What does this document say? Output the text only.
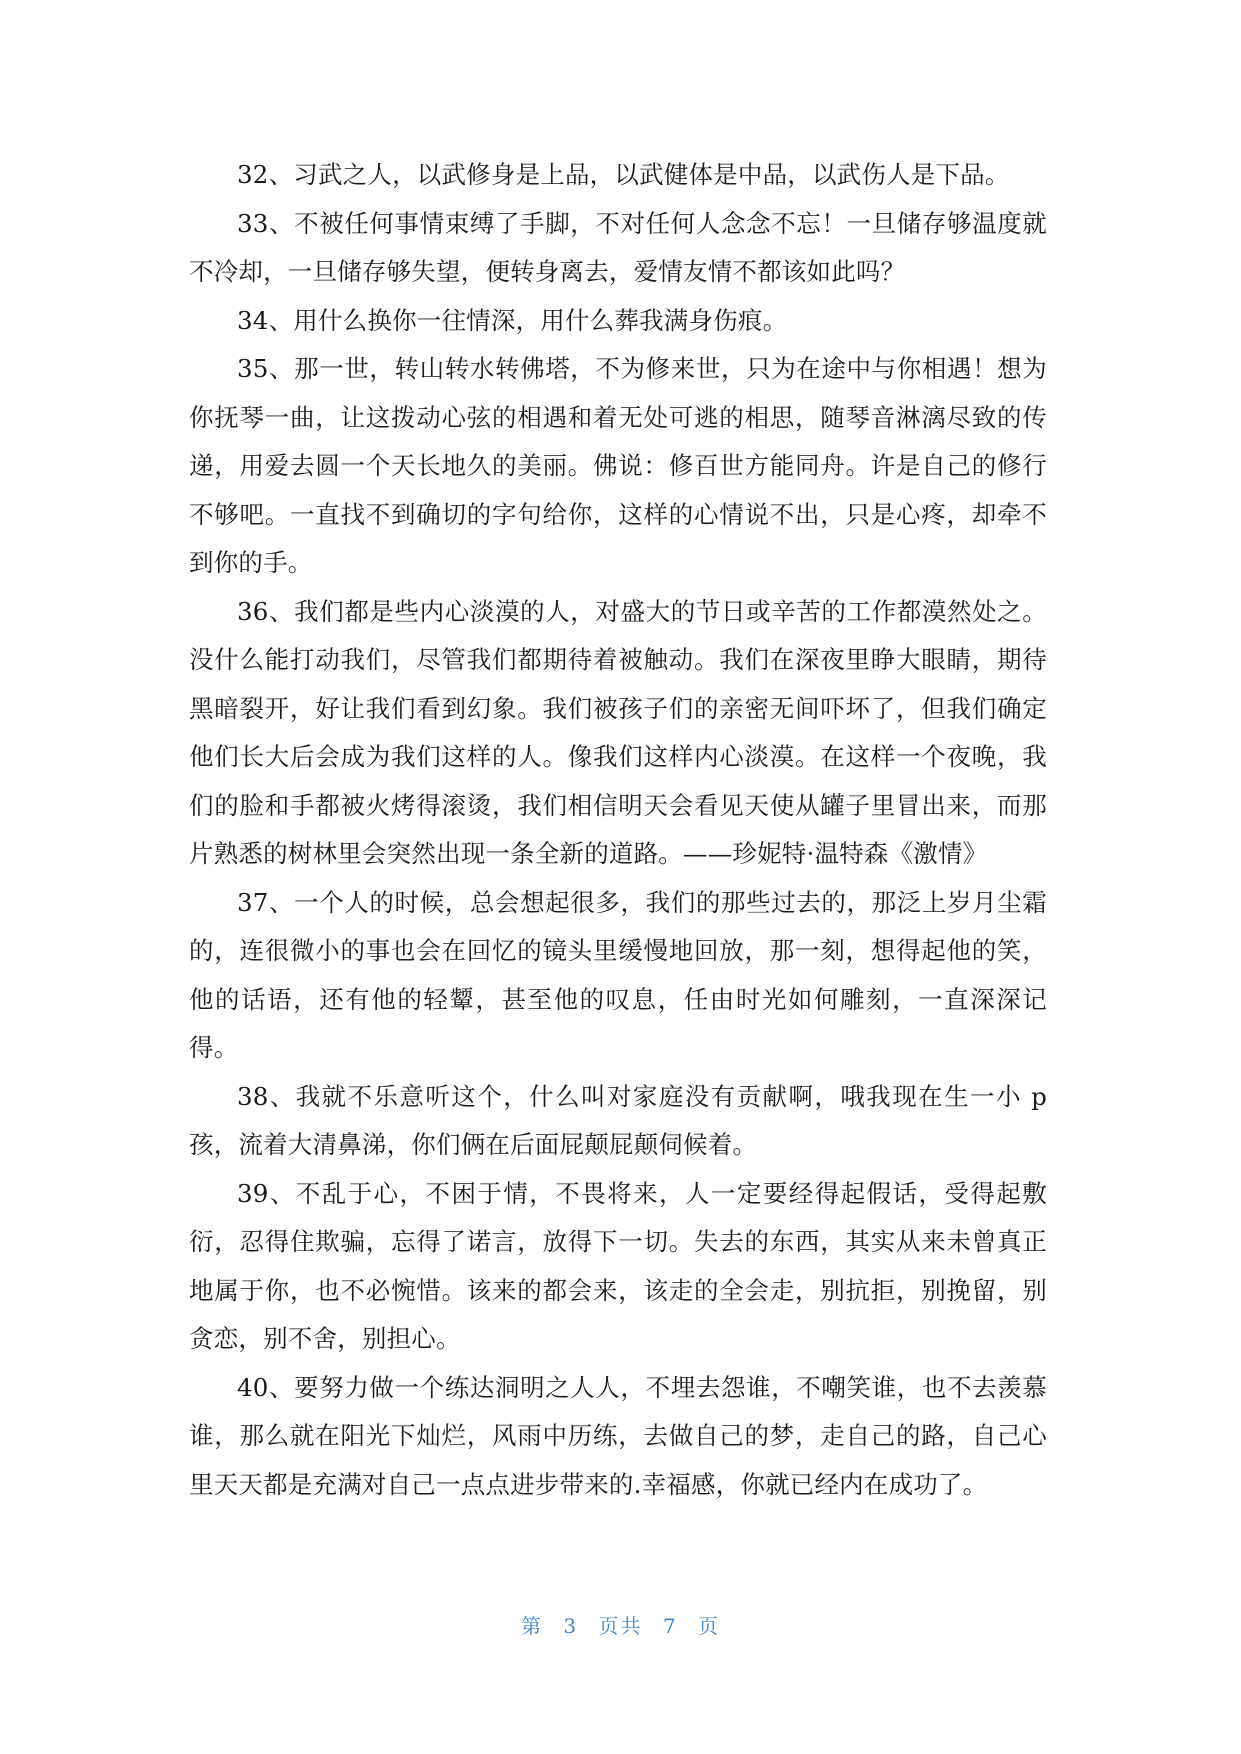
32、习武之人，以武修身是上品，以武健体是中品，以武伤人是下品。

33、不被任何事情束缚了手脚，不对任何人念念不忘！一旦储存够温度就不冷却，一旦储存够失望，便转身离去，爱情友情不都该如此吗？

34、用什么换你一往情深，用什么葬我满身伤痕。

35、那一世，转山转水转佛塔，不为修来世，只为在途中与你相遇！想为你抚琴一曲，让这拨动心弦的相遇和着无处可逃的相思，随琴音淋漓尽致的传递，用爱去圆一个天长地久的美丽。佛说：修百世方能同舟。许是自己的修行不够吧。一直找不到确切的字句给你，这样的心情说不出，只是心疼，却牵不到你的手。

36、我们都是些内心淡漠的人，对盛大的节日或辛苦的工作都漠然处之。没什么能打动我们，尽管我们都期待着被触动。我们在深夜里睁大眼睛，期待黑暗裂开，好让我们看到幻象。我们被孩子们的亲密无间吓坏了，但我们确定他们长大后会成为我们这样的人。像我们这样内心淡漠。在这样一个夜晚，我们的脸和手都被火烤得滚烫，我们相信明天会看见天使从罐子里冒出来，而那片熟悉的树林里会突然出现一条全新的道路。——珍妮特·温特森《激情》

37、一个人的时候，总会想起很多，我们的那些过去的，那泛上岁月尘霜的，连很微小的事也会在回忆的镜头里缓慢地回放，那一刻，想得起他的笑，他的话语，还有他的轻颦，甚至他的叹息，任由时光如何雕刻，一直深深记得。

38、我就不乐意听这个，什么叫对家庭没有贡献啊，哦我现在生一小 p 孩，流着大清鼻涕，你们俩在后面屁颠屁颠伺候着。

39、不乱于心，不困于情，不畏将来，人一定要经得起假话，受得起敷衍，忍得住欺骗，忘得了诺言，放得下一切。失去的东西，其实从来未曾真正地属于你，也不必惋惜。该来的都会来，该走的全会走，别抗拒，别挽留，别贪恋，别不舍，别担心。

40、要努力做一个练达洞明之人人，不埋去怨谁，不嘲笑谁，也不去羡慕谁，那么就在阳光下灿烂，风雨中历练，去做自己的梦，走自己的路，自己心里天天都是充满对自己一点点进步带来的.幸福感，你就已经内在成功了。

第 3 页共 7 页
